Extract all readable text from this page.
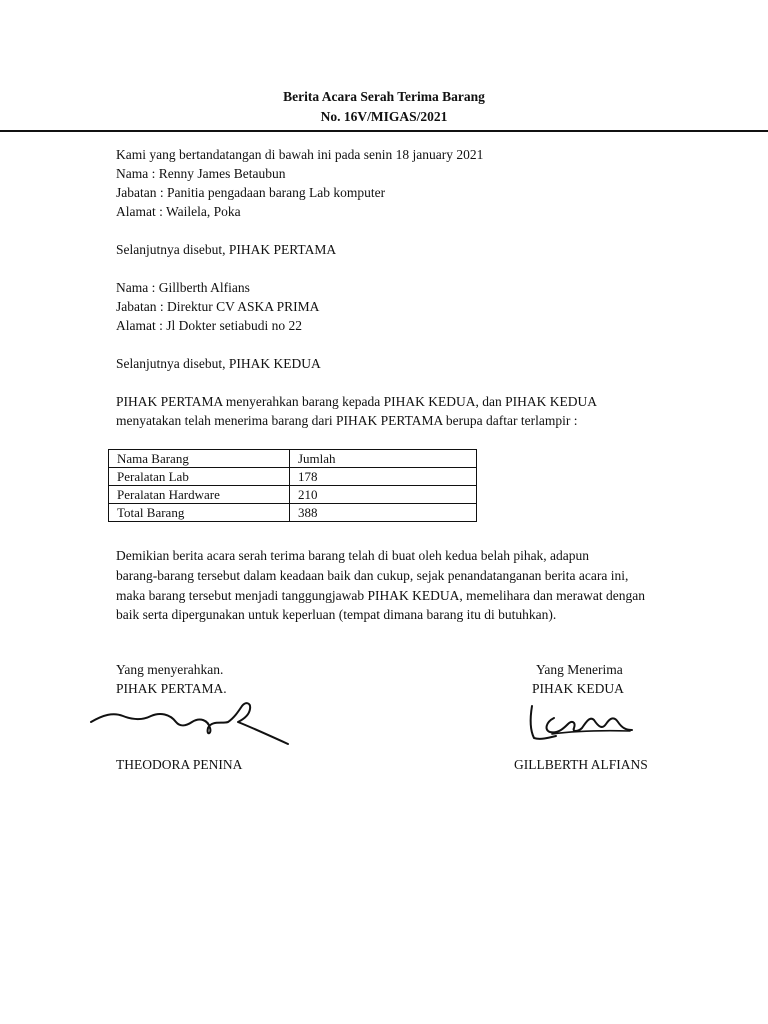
Berita Acara Serah Terima Barang
No. 16V/MIGAS/2021
Kami yang bertandatangan di bawah ini pada senin 18 january 2021
Nama : Renny James Betaubun
Jabatan : Panitia pengadaan barang Lab komputer
Alamat : Wailela, Poka
Selanjutnya disebut, PIHAK PERTAMA
Nama : Gillberth Alfians
Jabatan : Direktur CV ASKA PRIMA
Alamat : Jl Dokter setiabudi no 22
Selanjutnya disebut, PIHAK KEDUA
PIHAK PERTAMA menyerahkan barang kepada PIHAK KEDUA, dan PIHAK KEDUA
menyatakan telah menerima barang dari PIHAK PERTAMA berupa daftar terlampir :
Nama Barang	Jumlah
Peralatan Lab	178
Peralatan Hardware	210
Total Barang	388
Demikian berita acara serah terima barang telah di buat oleh kedua belah pihak, adapun
barang-barang tersebut dalam keadaan baik dan cukup, sejak penandatanganan berita acara ini,
maka barang tersebut menjadi tanggungjawab PIHAK KEDUA, memelihara dan merawat dengan
baik serta dipergunakan untuk keperluan (tempat dimana barang itu di butuhkan).
Yang menyerahkan.
PIHAK PERTAMA.
Yang Menerima
PIHAK KEDUA
THEODORA PENINA	GILLBERTH ALFIANS
